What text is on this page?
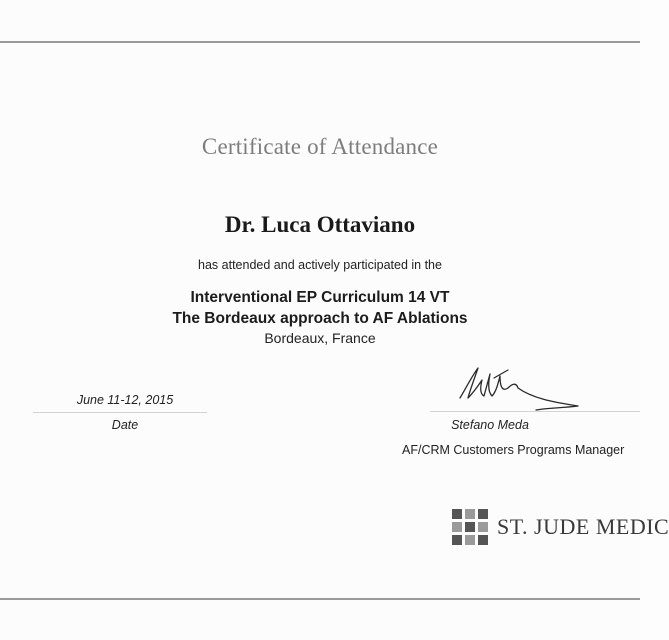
Certificate of Attendance
Dr. Luca Ottaviano
has attended and actively participated in the
Interventional EP Curriculum 14 VT
The Bordeaux approach to AF Ablations
Bordeaux, France
June 11-12, 2015
Date	Stefano Meda
AF/CRM Customers Programs Manager
ST. JUDE MEDIC
